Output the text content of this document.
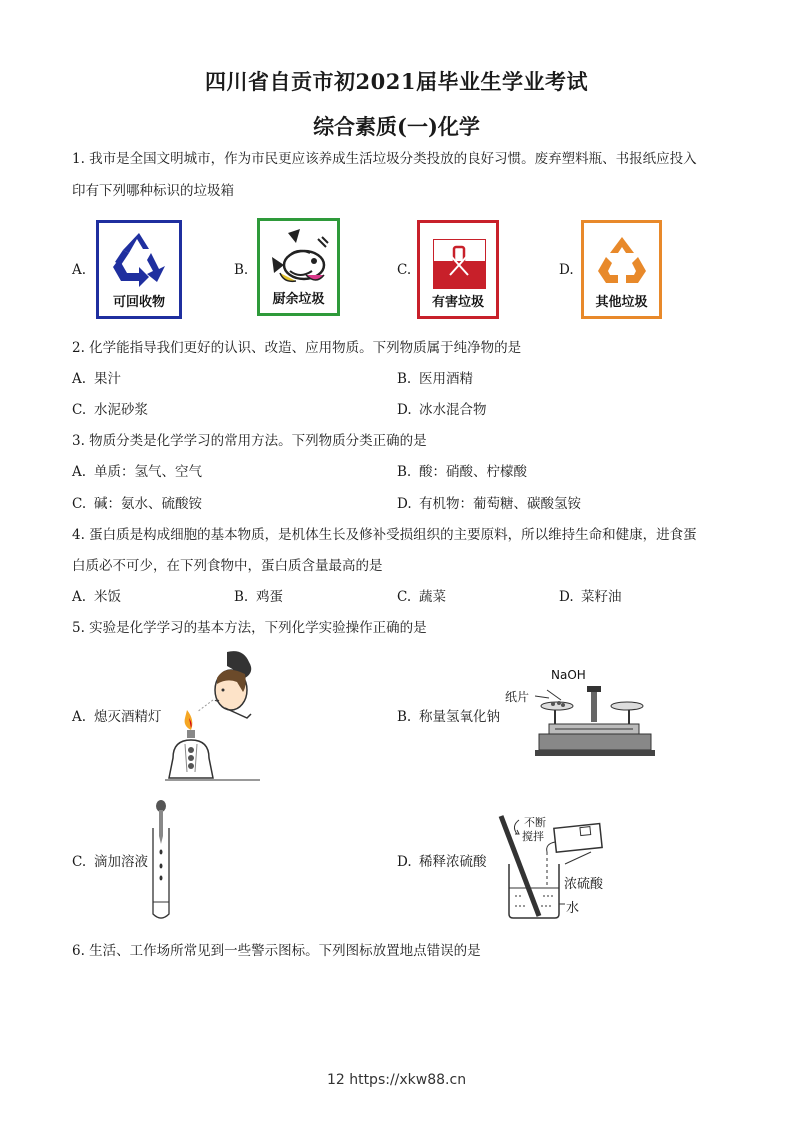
四川省自贡市初2021届毕业生学业考试
综合素质(一)化学
1. 我市是全国文明城市，作为市民更应该养成生活垃圾分类投放的良好习惯。废弃塑料瓶、书报纸应投入
印有下列哪种标识的垃圾箱
A.
可回收物
B.
厨余垃圾
C.
有害垃圾
D.
其他垃圾
2. 化学能指导我们更好的认识、改造、应用物质。下列物质属于纯净物的是
A. 果汁	B. 医用酒精
C. 水泥砂浆	D. 冰水混合物
3. 物质分类是化学学习的常用方法。下列物质分类正确的是
A. 单质：氢气、空气	B. 酸：硝酸、柠檬酸
C. 碱：氨水、硫酸铵	D. 有机物：葡萄糖、碳酸氢铵
4. 蛋白质是构成细胞的基本物质，是机体生长及修补受损组织的主要原料，所以维持生命和健康，进食蛋
白质必不可少，在下列食物中，蛋白质含量最高的是
A. 米饭	B. 鸡蛋	C. 蔬菜	D. 菜籽油
5. 实验是化学学习的基本方法，下列化学实验操作正确的是
A. 熄灭酒精灯	B. 称量氢氧化钠
NaOH
纸片
C. 滴加溶液	D. 稀释浓硫酸
不断
搅拌
浓硫酸
水
6. 生活、工作场所常见到一些警示图标。下列图标放置地点错误的是
12 https://xkw88.cn
